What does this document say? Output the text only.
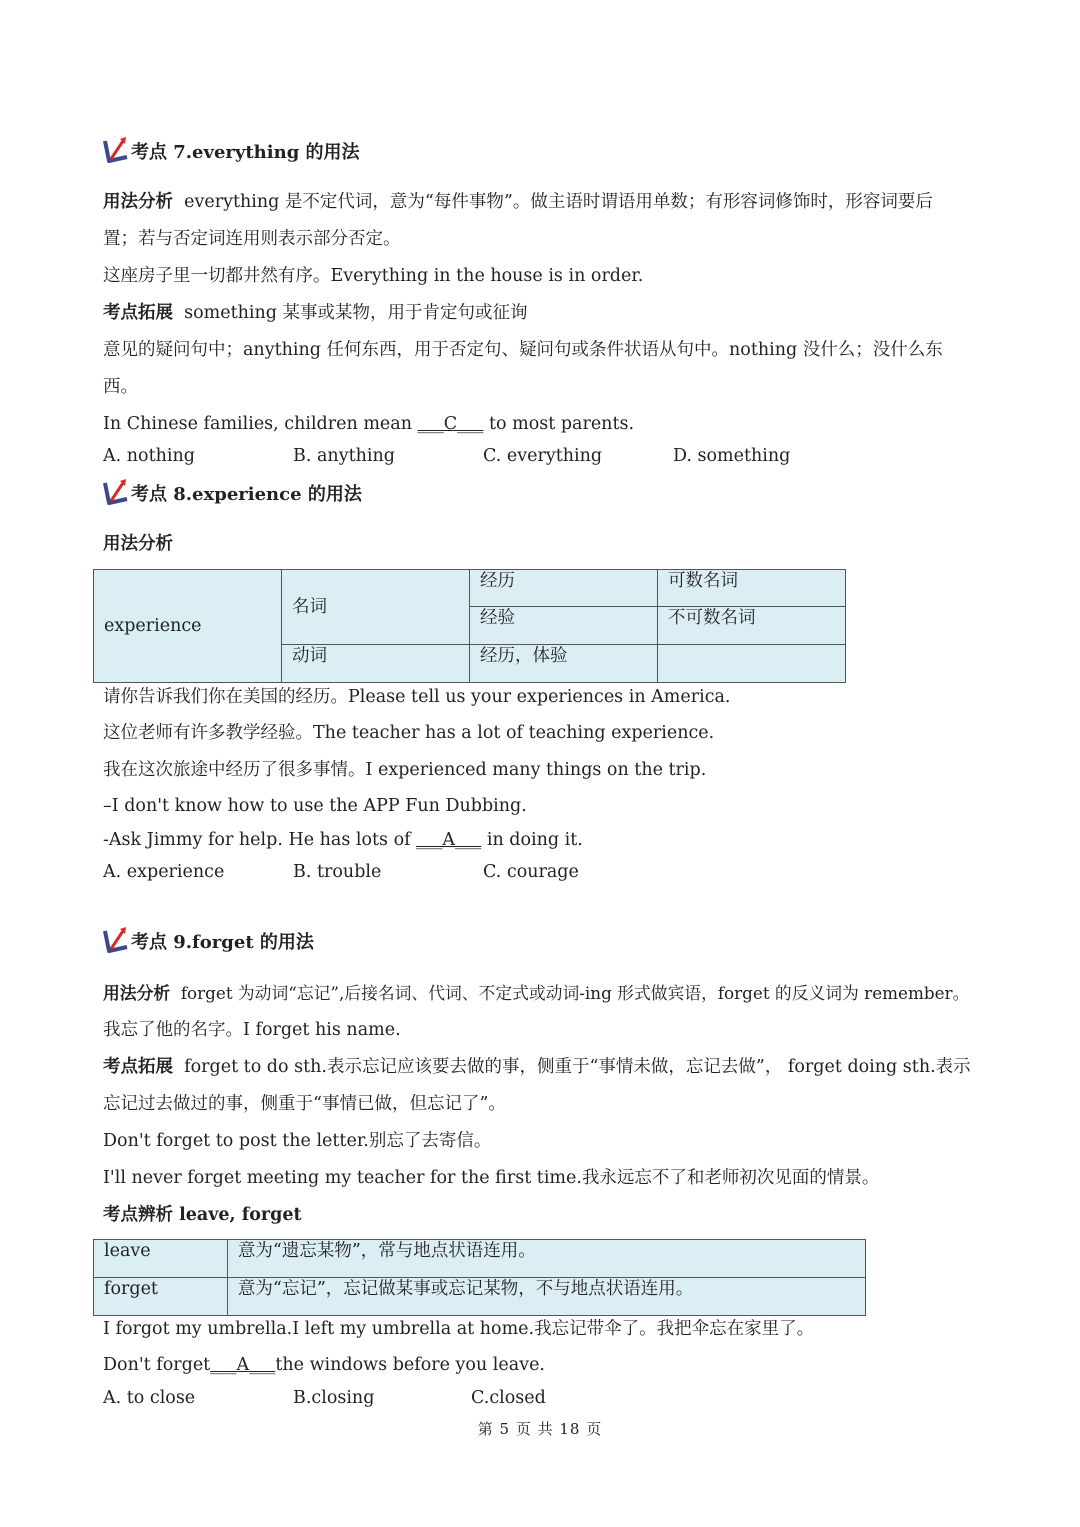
考点 7.everything 的用法
用法分析 everything 是不定代词，意为“每件事物”。做主语时谓语用单数；有形容词修饰时，形容词要后
置；若与否定词连用则表示部分否定。
这座房子里一切都井然有序。Everything in the house is in order.
考点拓展 something 某事或某物，用于肯定句或征询
意见的疑问句中；anything 任何东西，用于否定句、疑问句或条件状语从句中。nothing 没什么；没什么东
西。
In Chinese families, children mean ___C___ to most parents.
A. nothing	B. anything	C. everything	D. something
考点 8.experience 的用法
用法分析
experience	名词	经历	可数名词
		经验	不可数名词
	动词	经历，体验	
请你告诉我们你在美国的经历。Please tell us your experiences in America.
这位老师有许多教学经验。The teacher has a lot of teaching experience.
我在这次旅途中经历了很多事情。I experienced many things on the trip.
–I don't know how to use the APP Fun Dubbing.
-Ask Jimmy for help. He has lots of ___A___ in doing it.
A. experience	B. trouble	C. courage
考点 9.forget 的用法
用法分析 forget 为动词“忘记”,后接名词、代词、不定式或动词-ing 形式做宾语，forget 的反义词为 remember。
我忘了他的名字。I forget his name.
考点拓展 forget to do sth.表示忘记应该要去做的事，侧重于“事情未做，忘记去做”， forget doing sth.表示
忘记过去做过的事，侧重于“事情已做，但忘记了”。
Don't forget to post the letter.别忘了去寄信。
I'll never forget meeting my teacher for the first time.我永远忘不了和老师初次见面的情景。
考点辨析 leave, forget
leave	意为“遗忘某物”，常与地点状语连用。
forget	意为“忘记”，忘记做某事或忘记某物，不与地点状语连用。
I forgot my umbrella.I left my umbrella at home.我忘记带伞了。我把伞忘在家里了。
Don't forget___A___the windows before you leave.
A. to close	B.closing	C.closed
第 5 页 共 18 页
